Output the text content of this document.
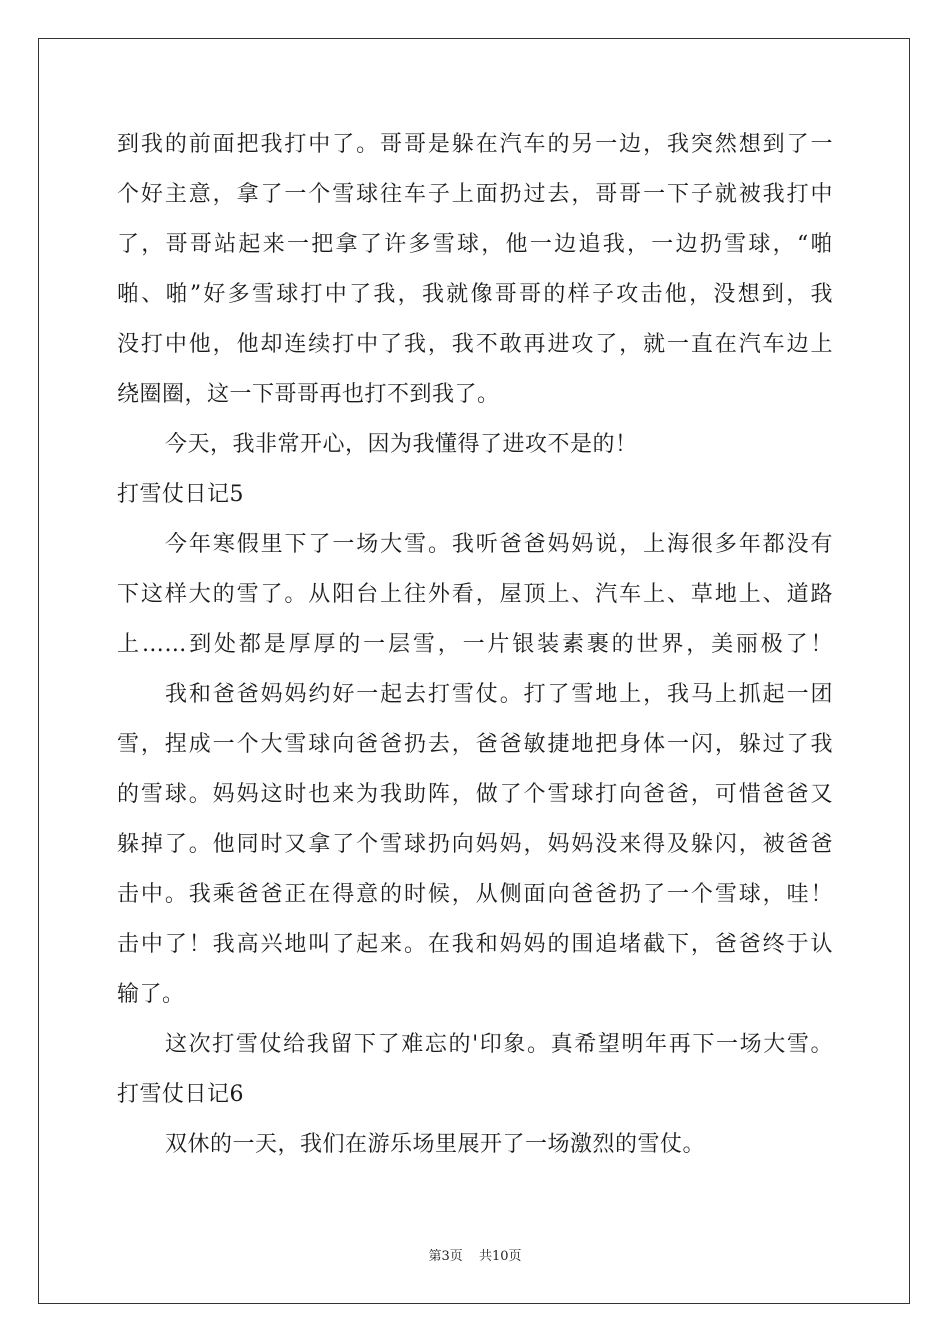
到我的前面把我打中了。哥哥是躲在汽车的另一边，我突然想到了一
个好主意，拿了一个雪球往车子上面扔过去，哥哥一下子就被我打中
了，哥哥站起来一把拿了许多雪球，他一边追我，一边扔雪球，“啪
啪、啪”好多雪球打中了我，我就像哥哥的样子攻击他，没想到，我
没打中他，他却连续打中了我，我不敢再进攻了，就一直在汽车边上
绕圈圈，这一下哥哥再也打不到我了。
今天，我非常开心，因为我懂得了进攻不是的！
打雪仗日记5
今年寒假里下了一场大雪。我听爸爸妈妈说，上海很多年都没有
下这样大的雪了。从阳台上往外看，屋顶上、汽车上、草地上、道路
上……到处都是厚厚的一层雪，一片银装素裹的世界，美丽极了！
我和爸爸妈妈约好一起去打雪仗。打了雪地上，我马上抓起一团
雪，捏成一个大雪球向爸爸扔去，爸爸敏捷地把身体一闪，躲过了我
的雪球。妈妈这时也来为我助阵，做了个雪球打向爸爸，可惜爸爸又
躲掉了。他同时又拿了个雪球扔向妈妈，妈妈没来得及躲闪，被爸爸
击中。我乘爸爸正在得意的时候，从侧面向爸爸扔了一个雪球，哇！
击中了！我高兴地叫了起来。在我和妈妈的围追堵截下，爸爸终于认
输了。
这次打雪仗给我留下了难忘的'印象。真希望明年再下一场大雪。
打雪仗日记6
双休的一天，我们在游乐场里展开了一场激烈的雪仗。
第3页 共10页
